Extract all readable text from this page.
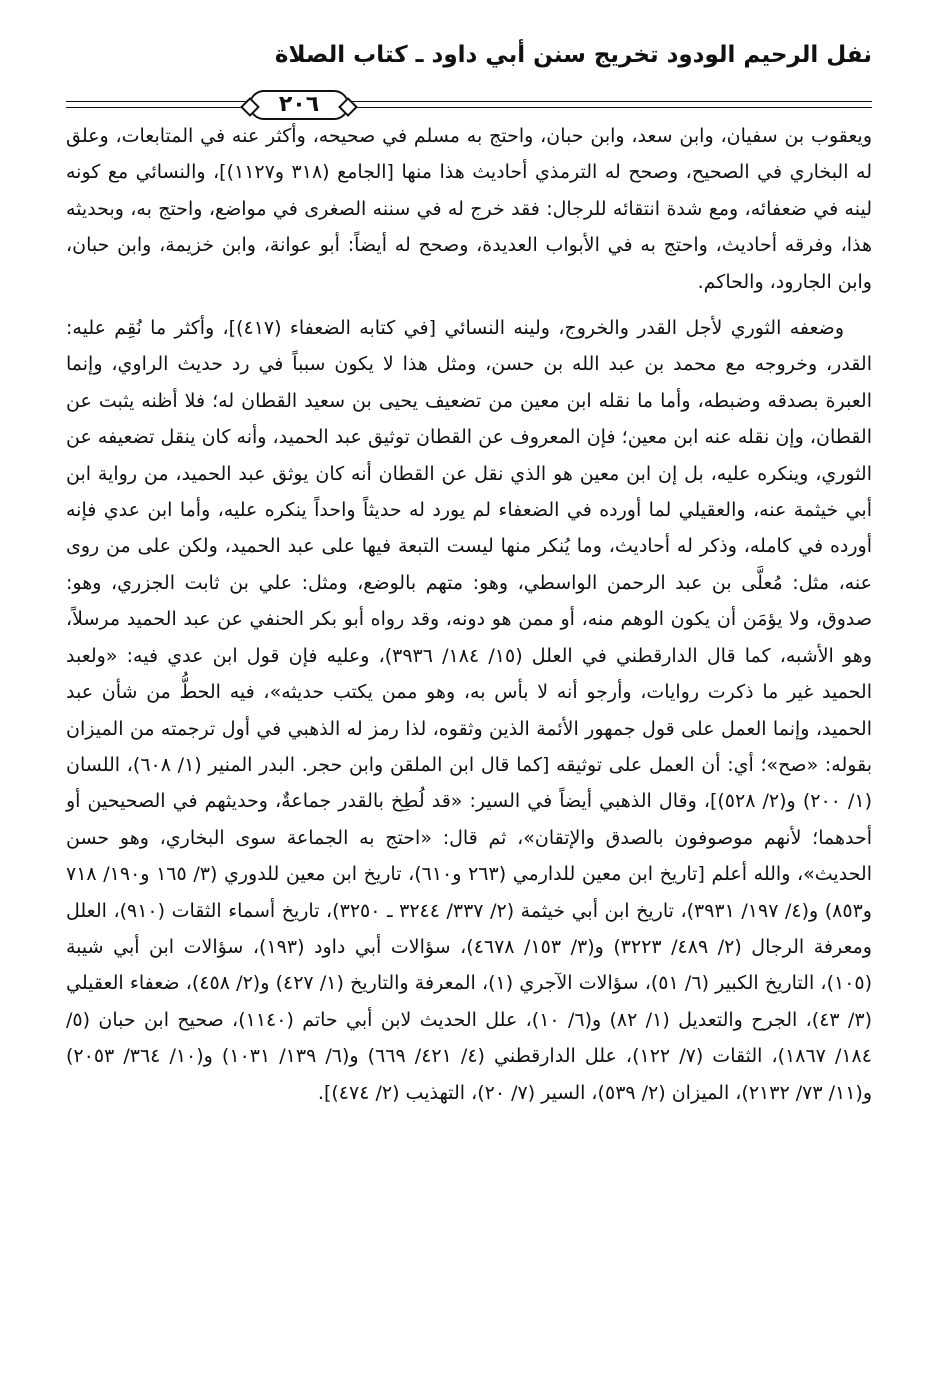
نفل الرحيم الودود تخريج سنن أبي داود ـ كتاب الصلاة
٢٠٦

ويعقوب بن سفيان، وابن سعد، وابن حبان، واحتج به مسلم في صحيحه، وأكثر عنه في المتابعات، وعلق له البخاري في الصحيح، وصحح له الترمذي أحاديث هذا منها [الجامع (٣١٨ و١١٢٧)]، والنسائي مع كونه لينه في ضعفائه، ومع شدة انتقائه للرجال: فقد خرج له في سننه الصغرى في مواضع، واحتج به، وبحديثه هذا، وفرقه أحاديث، واحتج به في الأبواب العديدة، وصحح له أيضاً: أبو عوانة، وابن خزيمة، وابن حبان، وابن الجارود، والحاكم.

وضعفه الثوري لأجل القدر والخروج، ولينه النسائي [في كتابه الضعفاء (٤١٧)]، وأكثر ما نُقِم عليه: القدر، وخروجه مع محمد بن عبد الله بن حسن، ومثل هذا لا يكون سبباً في رد حديث الراوي، وإنما العبرة بصدقه وضبطه، وأما ما نقله ابن معين من تضعيف يحيى بن سعيد القطان له؛ فلا أظنه يثبت عن القطان، وإن نقله عنه ابن معين؛ فإن المعروف عن القطان توثيق عبد الحميد، وأنه كان ينقل تضعيفه عن الثوري، وينكره عليه، بل إن ابن معين هو الذي نقل عن القطان أنه كان يوثق عبد الحميد، من رواية ابن أبي خيثمة عنه، والعقيلي لما أورده في الضعفاء لم يورد له حديثاً واحداً ينكره عليه، وأما ابن عدي فإنه أورده في كامله، وذكر له أحاديث، وما يُنكر منها ليست التبعة فيها على عبد الحميد، ولكن على من روى عنه، مثل: مُعلَّى بن عبد الرحمن الواسطي، وهو: متهم بالوضع، ومثل: علي بن ثابت الجزري، وهو: صدوق، ولا يؤمَن أن يكون الوهم منه، أو ممن هو دونه، وقد رواه أبو بكر الحنفي عن عبد الحميد مرسلاً، وهو الأشبه، كما قال الدارقطني في العلل (١٥/ ١٨٤/ ٣٩٣٦)، وعليه فإن قول ابن عدي فيه: «ولعبد الحميد غير ما ذكرت روايات، وأرجو أنه لا بأس به، وهو ممن يكتب حديثه»، فيه الحطُّ من شأن عبد الحميد، وإنما العمل على قول جمهور الأئمة الذين وثقوه، لذا رمز له الذهبي في أول ترجمته من الميزان بقوله: «صح»؛ أي: أن العمل على توثيقه [كما قال ابن الملقن وابن حجر. البدر المنير (١/ ٦٠٨)، اللسان (١/ ٢٠٠) و(٢/ ٥٢٨)]، وقال الذهبي أيضاً في السير: «قد لُطِخ بالقدر جماعةٌ، وحديثهم في الصحيحين أو أحدهما؛ لأنهم موصوفون بالصدق والإتقان»، ثم قال: «احتج به الجماعة سوى البخاري، وهو حسن الحديث»، والله أعلم [تاريخ ابن معين للدارمي (٢٦٣ و٦١٠)، تاريخ ابن معين للدوري (٣/ ١٦٥ و١٩٠/ ٧١٨ و٨٥٣) و(٤/ ١٩٧/ ٣٩٣١)، تاريخ ابن أبي خيثمة (٢/ ٣٣٧/ ٣٢٤٤ ـ ٣٢٥٠)، تاريخ أسماء الثقات (٩١٠)، العلل ومعرفة الرجال (٢/ ٤٨٩/ ٣٢٢٣) و(٣/ ١٥٣/ ٤٦٧٨)، سؤالات أبي داود (١٩٣)، سؤالات ابن أبي شيبة (١٠٥)، التاريخ الكبير (٦/ ٥١)، سؤالات الآجري (١)، المعرفة والتاريخ (١/ ٤٢٧) و(٢/ ٤٥٨)، ضعفاء العقيلي (٣/ ٤٣)، الجرح والتعديل (١/ ٨٢) و(٦/ ١٠)، علل الحديث لابن أبي حاتم (١١٤٠)، صحيح ابن حبان (٥/ ١٨٤/ ١٨٦٧)، الثقات (٧/ ١٢٢)، علل الدارقطني (٤/ ٤٢١/ ٦٦٩) و(٦/ ١٣٩/ ١٠٣١) و(١٠/ ٣٦٤/ ٢٠٥٣) و(١١/ ٧٣/ ٢١٣٢)، الميزان (٢/ ٥٣٩)، السير (٧/ ٢٠)، التهذيب (٢/ ٤٧٤)].
